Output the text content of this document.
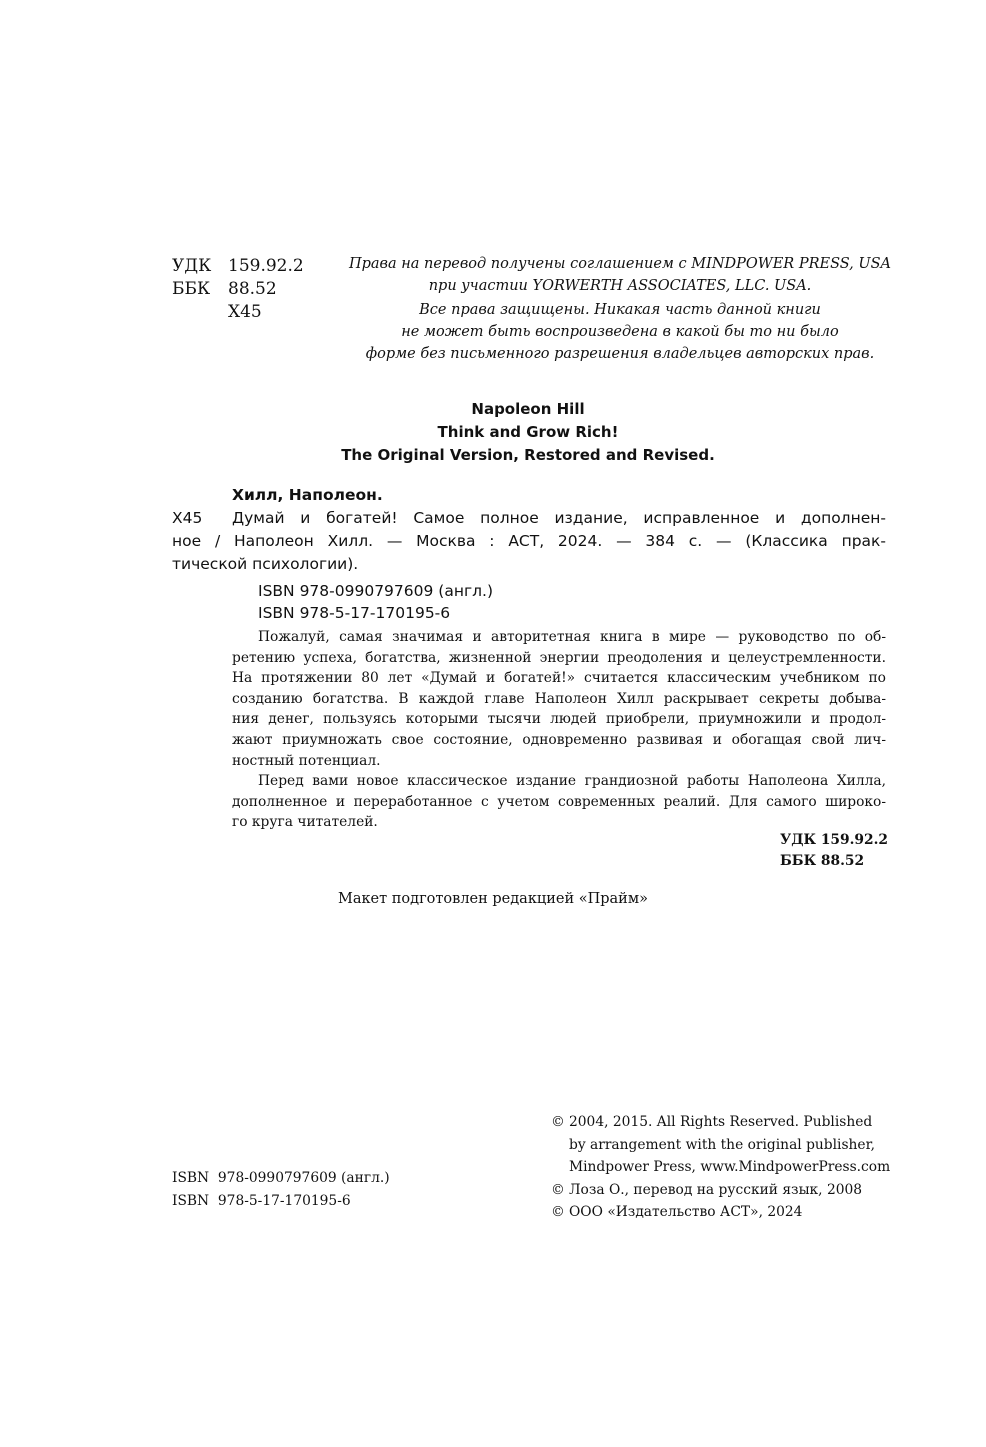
УДК 159.92.2
ББК 88.52
Х45
Права на перевод получены соглашением с MINDPOWER PRESS, USA
при участии YORWERTH ASSOCIATES, LLC. USA.
Все права защищены. Никакая часть данной книги
не может быть воспроизведена в какой бы то ни было
форме без письменного разрешения владельцев авторских прав.
Napoleon Hill
Think and Grow Rich!
The Original Version, Restored and Revised.
Хилл, Наполеон.
Х45 Думай и богатей! Самое полное издание, исправленное и дополнен-
ное / Наполеон Хилл. — Москва : АСТ, 2024. — 384 с. — (Классика прак-
тической психологии).
ISBN 978-0990797609 (англ.)
ISBN 978-5-17-170195-6
Пожалуй, самая значимая и авторитетная книга в мире — руководство по об-
ретению успеха, богатства, жизненной энергии преодоления и целеустремленности.
На протяжении 80 лет «Думай и богатей!» считается классическим учебником по
созданию богатства. В каждой главе Наполеон Хилл раскрывает секреты добыва-
ния денег, пользуясь которыми тысячи людей приобрели, приумножили и продол-
жают приумножать свое состояние, одновременно развивая и обогащая свой лич-
ностный потенциал.
Перед вами новое классическое издание грандиозной работы Наполеона Хилла,
дополненное и переработанное с учетом современных реалий. Для самого широко-
го круга читателей.
УДК 159.92.2
ББК 88.52
Макет подготовлен редакцией «Прайм»
ISBN  978-0990797609 (англ.)
ISBN  978-5-17-170195-6
© 2004, 2015. All Rights Reserved. Published
by arrangement with the original publisher,
Mindpower Press, www.MindpowerPress.com
© Лоза О., перевод на русский язык, 2008
© ООО «Издательство АСТ», 2024
